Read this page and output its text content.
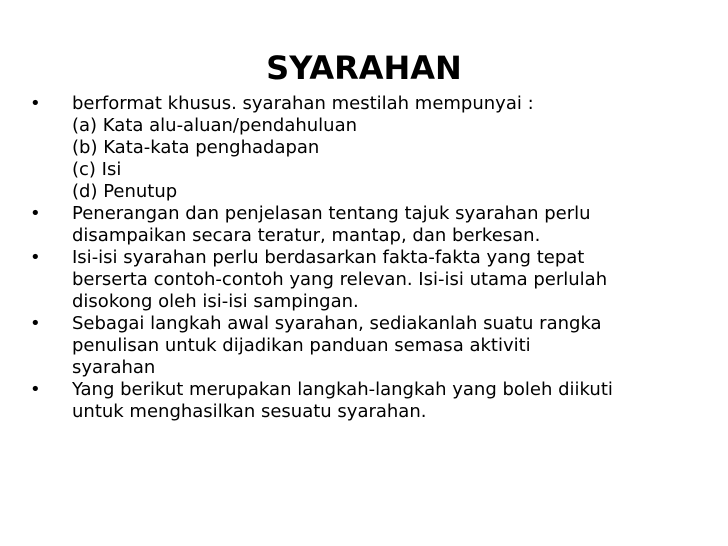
SYARAHAN
•	berformat khusus. syarahan mestilah mempunyai :
(a) Kata alu-aluan/pendahuluan
(b) Kata-kata penghadapan
(c) Isi
(d) Penutup
•	Penerangan dan penjelasan tentang tajuk syarahan perlu
disampaikan secara teratur, mantap, dan berkesan.
•	Isi-isi syarahan perlu berdasarkan fakta-fakta yang tepat
berserta contoh-contoh yang relevan. Isi-isi utama perlulah
disokong oleh isi-isi sampingan.
•	Sebagai langkah awal syarahan, sediakanlah suatu rangka
penulisan untuk dijadikan panduan semasa aktiviti
syarahan
•	Yang berikut merupakan langkah-langkah yang boleh diikuti
untuk menghasilkan sesuatu syarahan.
